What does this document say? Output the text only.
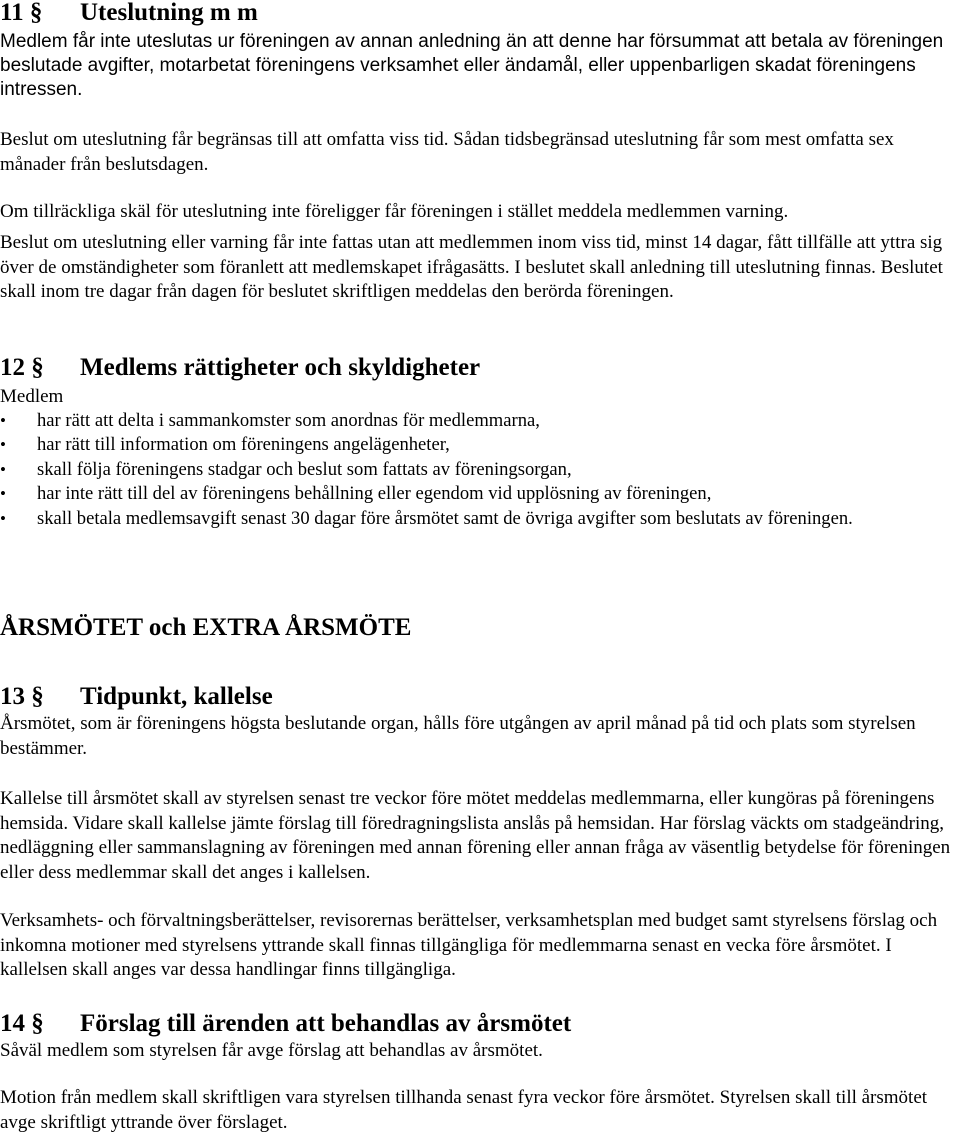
11 § Uteslutning m m

Medlem får inte uteslutas ur föreningen av annan anledning än att denne har försummat att betala av föreningen beslutade avgifter, motarbetat föreningens verksamhet eller ändamål, eller uppenbarligen skadat föreningens intressen.

Beslut om uteslutning får begränsas till att omfatta viss tid. Sådan tidsbegränsad uteslutning får som mest omfatta sex månader från beslutsdagen.

Om tillräckliga skäl för uteslutning inte föreligger får föreningen i stället meddela medlemmen varning.

Beslut om uteslutning eller varning får inte fattas utan att medlemmen inom viss tid, minst 14 dagar, fått tillfälle att yttra sig över de omständigheter som föranlett att medlemskapet ifrågasätts. I beslutet skall anledning till uteslutning finnas. Beslutet skall inom tre dagar från dagen för beslutet skriftligen meddelas den berörda föreningen.

12 § Medlems rättigheter och skyldigheter

Medlem

•	har rätt att delta i sammankomster som anordnas för medlemmarna,
•	har rätt till information om föreningens angelägenheter,
•	skall följa föreningens stadgar och beslut som fattats av föreningsorgan,
•	har inte rätt till del av föreningens behållning eller egendom vid upplösning av föreningen,
•	skall betala medlemsavgift senast 30 dagar före årsmötet samt de övriga avgifter som beslutats av föreningen.
ÅRSMÖTET och EXTRA ÅRSMÖTE
13 § Tidpunkt, kallelse

Årsmötet, som är föreningens högsta beslutande organ, hålls före utgången av april månad på tid och plats som styrelsen bestämmer.

Kallelse till årsmötet skall av styrelsen senast tre veckor före mötet meddelas medlemmarna, eller kungöras på föreningens hemsida. Vidare skall kallelse jämte förslag till föredragningslista anslås på hemsidan. Har förslag väckts om stadgeändring, nedläggning eller sammanslagning av föreningen med annan förening eller annan fråga av väsentlig betydelse för föreningen eller dess medlemmar skall det anges i kallelsen.

Verksamhets- och förvaltningsberättelser, revisorernas berättelser, verksamhetsplan med budget samt styrelsens förslag och inkomna motioner med styrelsens yttrande skall finnas tillgängliga för medlemmarna senast en vecka före årsmötet. I kallelsen skall anges var dessa handlingar finns tillgängliga.

14 § Förslag till ärenden att behandlas av årsmötet

Såväl medlem som styrelsen får avge förslag att behandlas av årsmötet.

Motion från medlem skall skriftligen vara styrelsen tillhanda senast fyra veckor före årsmötet. Styrelsen skall till årsmötet avge skriftligt yttrande över förslaget.
